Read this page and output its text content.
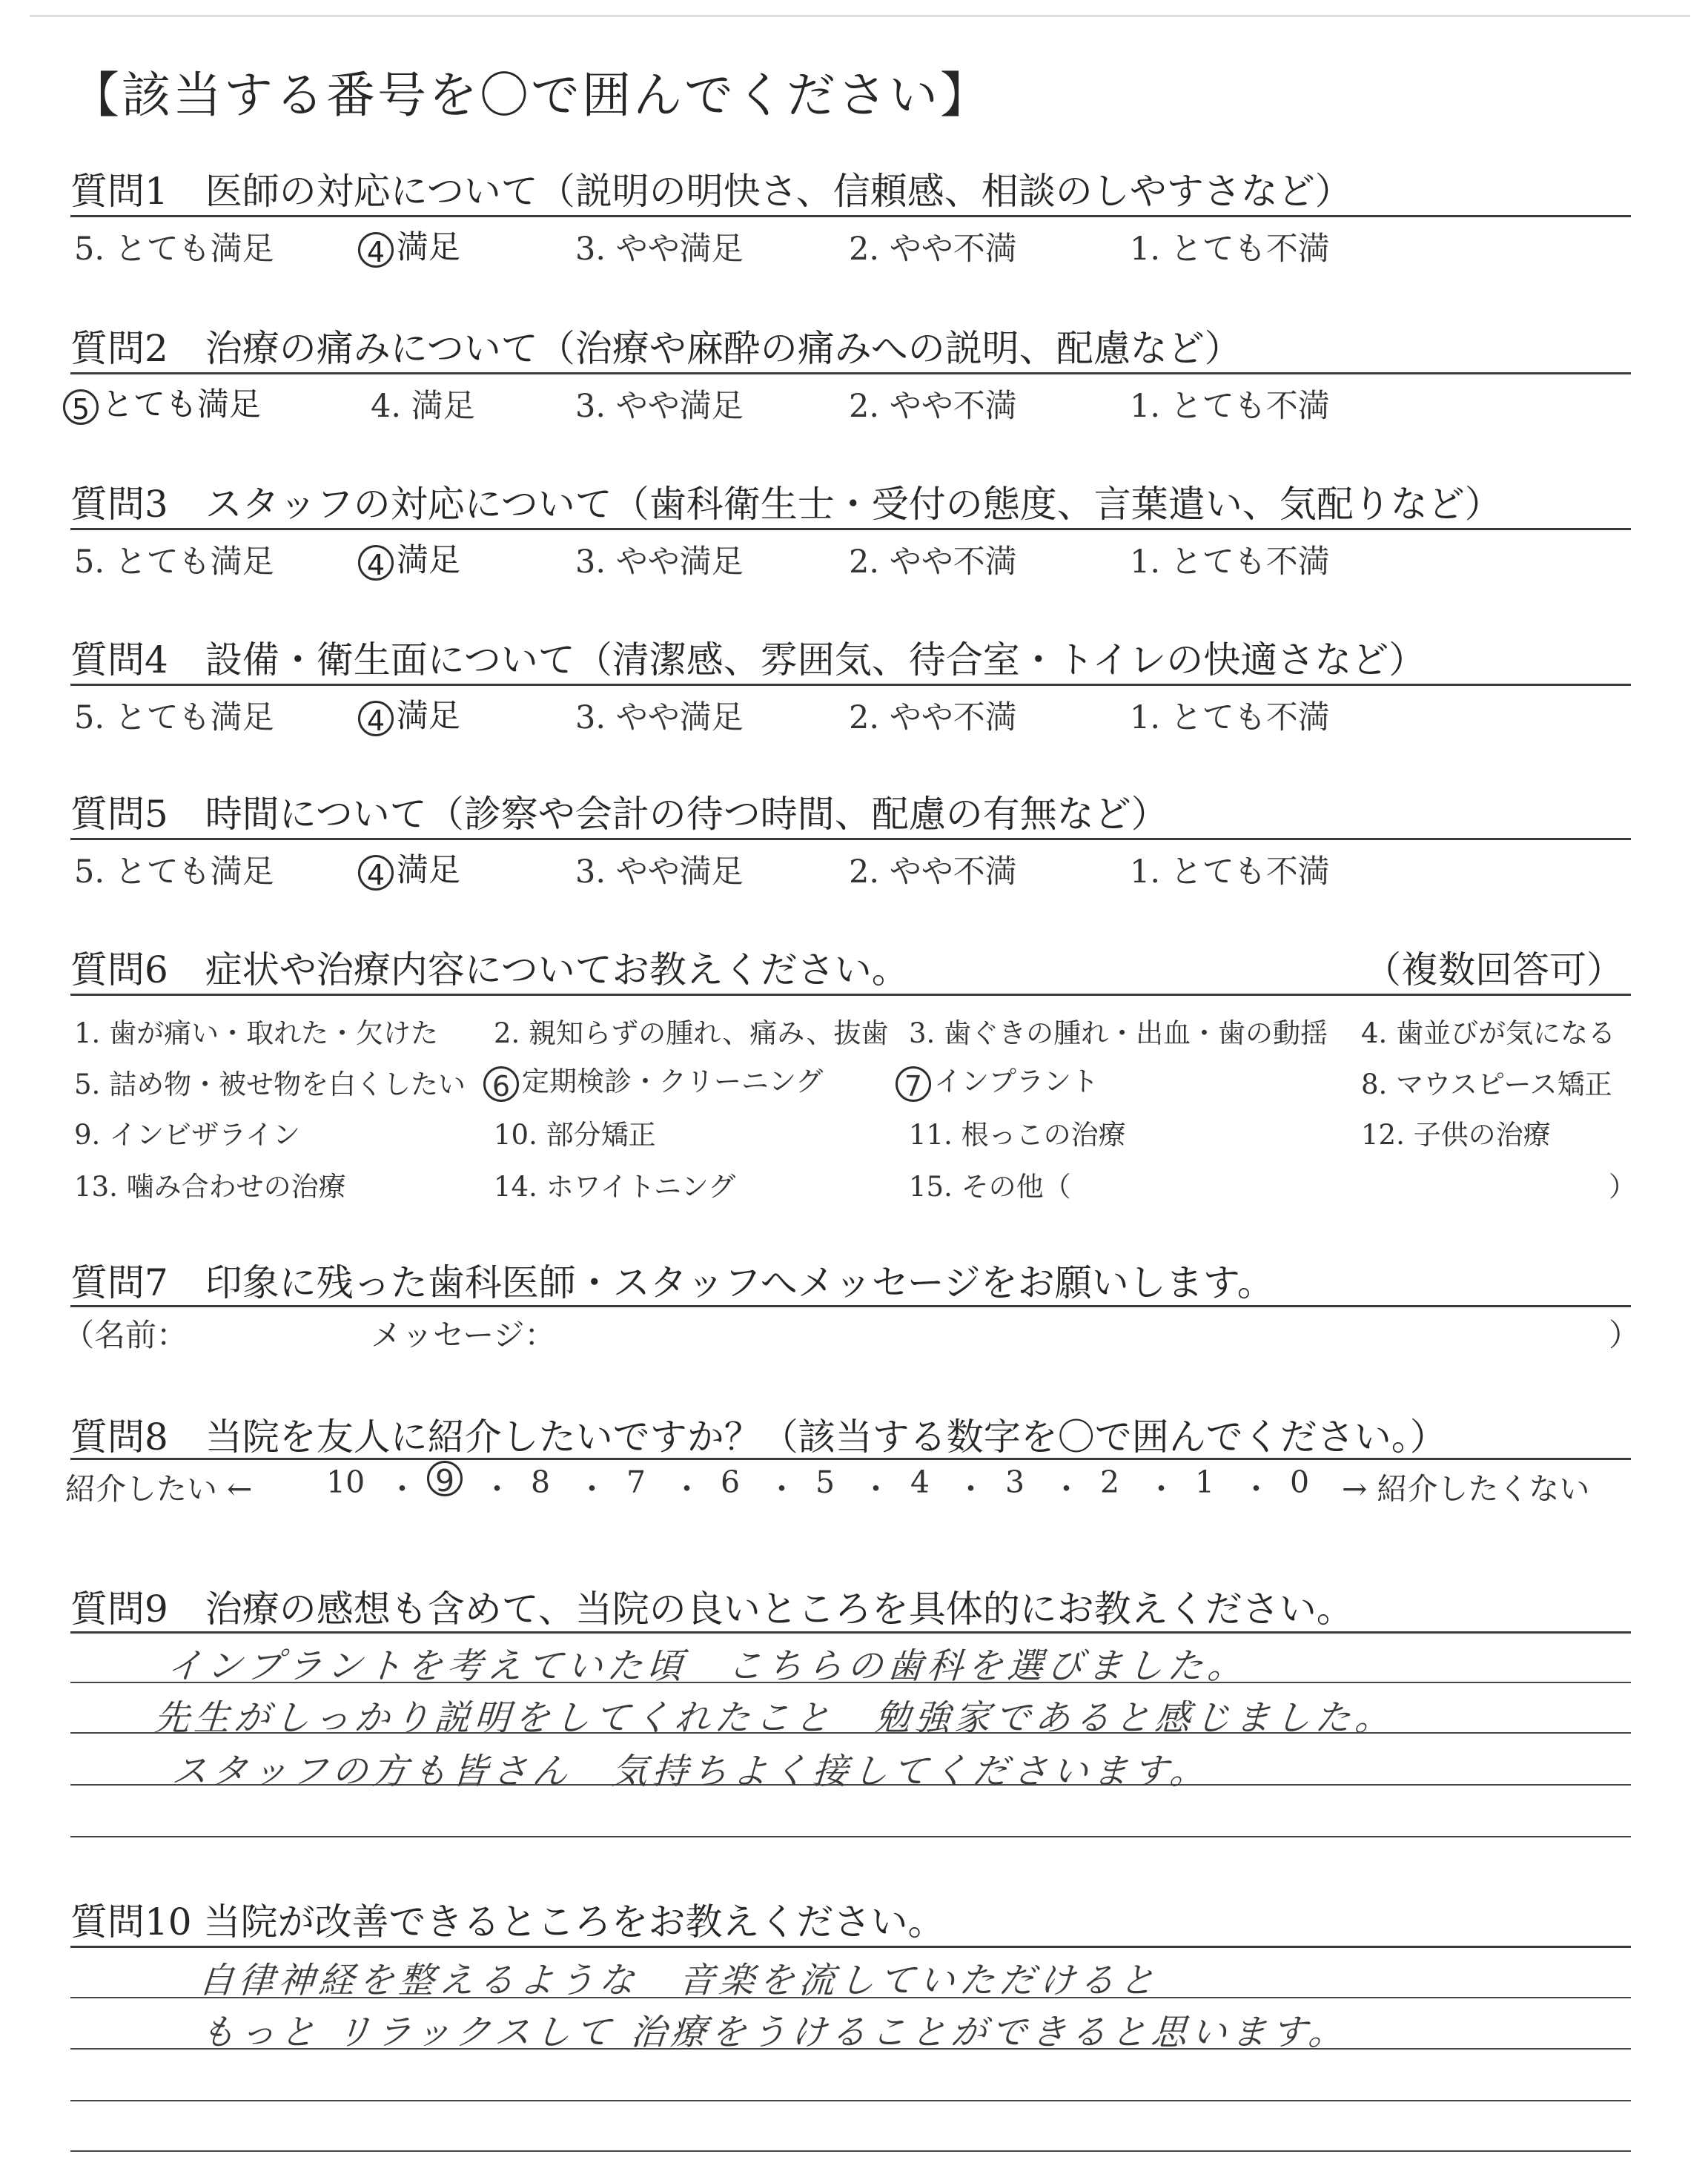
【該当する番号を〇で囲んでください】
質問1　医師の対応について（説明の明快さ、信頼感、相談のしやすさなど）
5. とても満足	4 満足	3. やや満足	2. やや不満	1. とても不満
質問2　治療の痛みについて（治療や麻酔の痛みへの説明、配慮など）
5 とても満足	4. 満足	3. やや満足	2. やや不満	1. とても不満
質問3　スタッフの対応について（歯科衛生士・受付の態度、言葉遣い、気配りなど）
5. とても満足	4 満足	3. やや満足	2. やや不満	1. とても不満
質問4　設備・衛生面について（清潔感、雰囲気、待合室・トイレの快適さなど）
5. とても満足	4 満足	3. やや満足	2. やや不満	1. とても不満
質問5　時間について（診察や会計の待つ時間、配慮の有無など）
5. とても満足	4 満足	3. やや満足	2. やや不満	1. とても不満
質問6　症状や治療内容についてお教えください。	（複数回答可）
1. 歯が痛い・取れた・欠けた 2. 親知らずの腫れ、痛み、抜歯 3. 歯ぐきの腫れ・出血・歯の動揺 4. 歯並びが気になる
5. 詰め物・被せ物を白くしたい 6 定期検診・クリーニング	7 インプラント	8. マウスピース矯正
9. インビザライン	10. 部分矯正	11. 根っこの治療	12. 子供の治療
13. 噛み合わせの治療	14. ホワイトニング	15. その他（	）
質問7　印象に残った歯科医師・スタッフへメッセージをお願いします。
（名前：	メッセージ：	）
質問8　当院を友人に紹介したいですか？（該当する数字を〇で囲んでください。）
紹介したい ← 10 ・ 9 ・ 8 ・ 7 ・ 6 ・ 5 ・ 4 ・ 3 ・ 2 ・ 1 ・ 0 → 紹介したくない
質問9　治療の感想も含めて、当院の良いところを具体的にお教えください。
インプラントを考えていた頃　こちらの歯科を選びました。
先生がしっかり説明をしてくれたこと　勉強家であると感じました。
スタッフの方も皆さん　気持ちよく接してくださいます。
質問10 当院が改善できるところをお教えください。
自律神経を整えるような　音楽を流していただけると
もっと リラックスして 治療をうけることができると思います。
